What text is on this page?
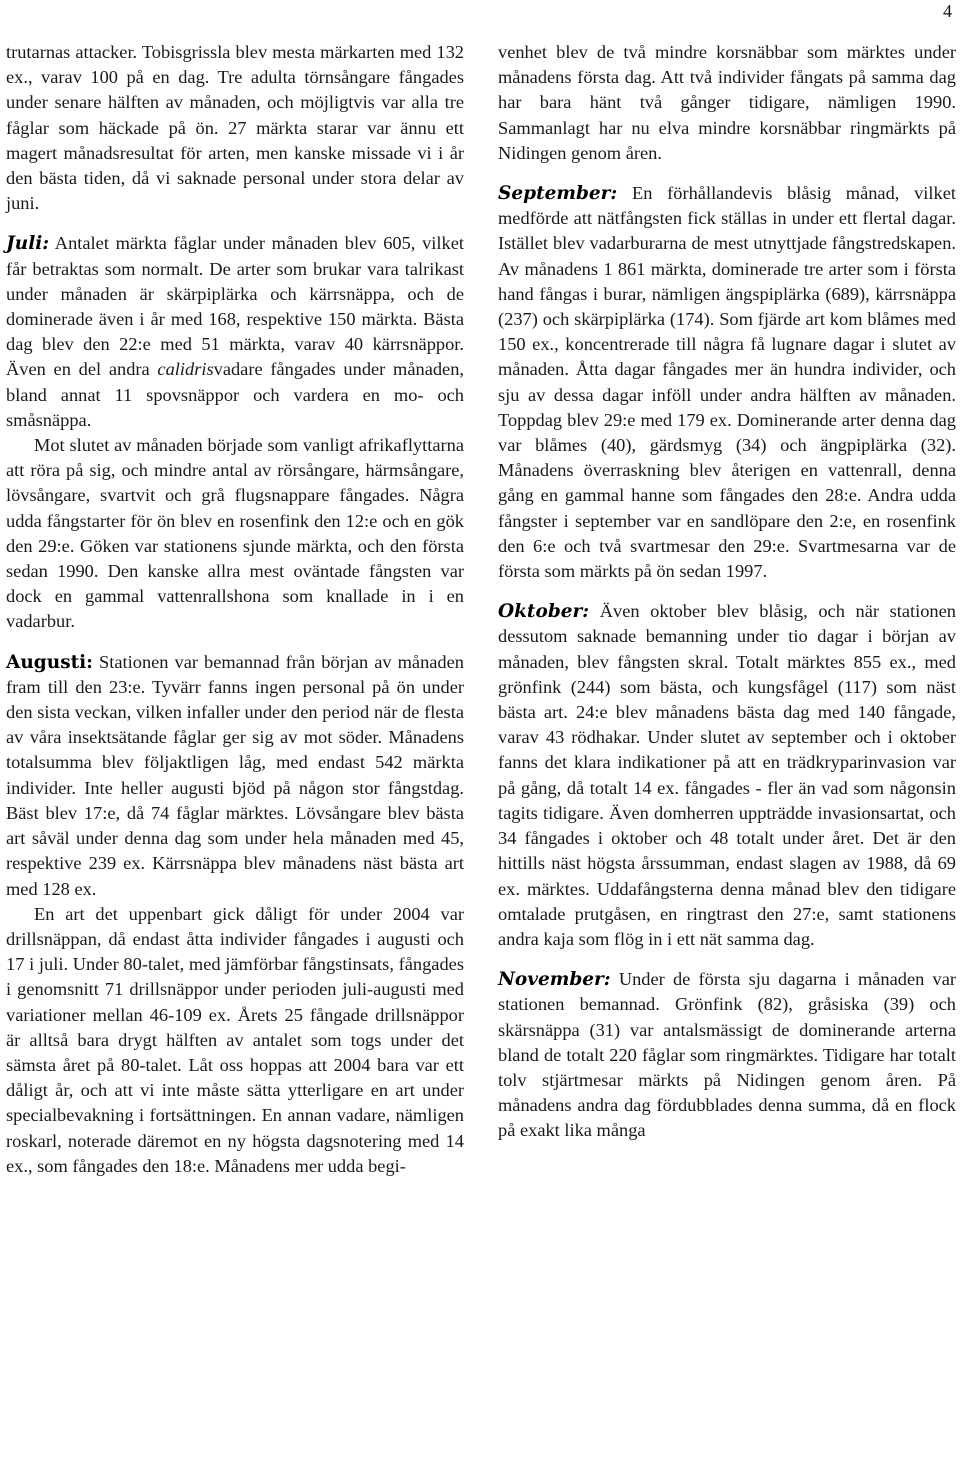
4

trutarnas attacker. Tobisgrissla blev mesta märkarten med 132 ex., varav 100 på en dag. Tre adulta törnsångare fångades under senare hälften av månaden, och möjligtvis var alla tre fåglar som häckade på ön. 27 märkta starar var ännu ett magert månadsresultat för arten, men kanske missade vi i år den bästa tiden, då vi saknade personal under stora delar av juni.

Juli: Antalet märkta fåglar under månaden blev 605, vilket får betraktas som normalt. De arter som brukar vara talrikast under månaden är skärpiplärka och kärrsnäppa, och de dominerade även i år med 168, respektive 150 märkta. Bästa dag blev den 22:e med 51 märkta, varav 40 kärrsnäppor. Även en del andra calidrisvadare fångades under månaden, bland annat 11 spovsnäppor och vardera en mo- och småsnäppa.

Mot slutet av månaden började som vanligt afrikaflyttarna att röra på sig, och mindre antal av rörsångare, härmsångare, lövsångare, svartvit och grå flugsnappare fångades. Några udda fångstarter för ön blev en rosenfink den 12:e och en gök den 29:e. Göken var stationens sjunde märkta, och den första sedan 1990. Den kanske allra mest oväntade fångsten var dock en gammal vattenrallshona som knallade in i en vadarbur.

Augusti: Stationen var bemannad från början av månaden fram till den 23:e. Tyvärr fanns ingen personal på ön under den sista veckan, vilken infaller under den period när de flesta av våra insektsätande fåglar ger sig av mot söder. Månadens totalsumma blev följaktligen låg, med endast 542 märkta individer. Inte heller augusti bjöd på någon stor fångstdag. Bäst blev 17:e, då 74 fåglar märktes. Lövsångare blev bästa art såväl under denna dag som under hela månaden med 45, respektive 239 ex. Kärrsnäppa blev månadens näst bästa art med 128 ex.

En art det uppenbart gick dåligt för under 2004 var drillsnäppan, då endast åtta individer fångades i augusti och 17 i juli. Under 80-talet, med jämförbar fångstinsats, fångades i genomsnitt 71 drillsnäppor under perioden juli-augusti med variationer mellan 46-109 ex. Årets 25 fångade drillsnäppor är alltså bara drygt hälften av antalet som togs under det sämsta året på 80-talet. Låt oss hoppas att 2004 bara var ett dåligt år, och att vi inte måste sätta ytterligare en art under specialbevakning i fortsättningen. En annan vadare, nämligen roskarl, noterade däremot en ny högsta dagsnotering med 14 ex., som fångades den 18:e. Månadens mer udda begi-

venhet blev de två mindre korsnäbbar som märktes under månadens första dag. Att två individer fångats på samma dag har bara hänt två gånger tidigare, nämligen 1990. Sammanlagt har nu elva mindre korsnäbbar ringmärkts på Nidingen genom åren.

September: En förhållandevis blåsig månad, vilket medförde att nätfångsten fick ställas in under ett flertal dagar. Istället blev vadarburarna de mest utnyttjade fångstredskapen. Av månadens 1 861 märkta, dominerade tre arter som i första hand fångas i burar, nämligen ängspiplärka (689), kärrsnäppa (237) och skärpiplärka (174). Som fjärde art kom blåmes med 150 ex., koncentrerade till några få lugnare dagar i slutet av månaden. Åtta dagar fångades mer än hundra individer, och sju av dessa dagar inföll under andra hälften av månaden. Toppdag blev 29:e med 179 ex. Dominerande arter denna dag var blåmes (40), gärdsmyg (34) och ängpiplärka (32). Månadens överraskning blev återigen en vattenrall, denna gång en gammal hanne som fångades den 28:e. Andra udda fångster i september var en sandlöpare den 2:e, en rosenfink den 6:e och två svartmesar den 29:e. Svartmesarna var de första som märkts på ön sedan 1997.

Oktober: Även oktober blev blåsig, och när stationen dessutom saknade bemanning under tio dagar i början av månaden, blev fångsten skral. Totalt märktes 855 ex., med grönfink (244) som bästa, och kungsfågel (117) som näst bästa art. 24:e blev månadens bästa dag med 140 fångade, varav 43 rödhakar. Under slutet av september och i oktober fanns det klara indikationer på att en trädkryparinvasion var på gång, då totalt 14 ex. fångades - fler än vad som någonsin tagits tidigare. Även domherren uppträdde invasionsartat, och 34 fångades i oktober och 48 totalt under året. Det är den hittills näst högsta årssumman, endast slagen av 1988, då 69 ex. märktes. Uddafångsterna denna månad blev den tidigare omtalade prutgåsen, en ringtrast den 27:e, samt stationens andra kaja som flög in i ett nät samma dag.

November: Under de första sju dagarna i månaden var stationen bemannad. Grönfink (82), gråsiska (39) och skärsnäppa (31) var antalsmässigt de dominerande arterna bland de totalt 220 fåglar som ringmärktes. Tidigare har totalt tolv stjärtmesar märkts på Nidingen genom åren. På månadens andra dag fördubblades denna summa, då en flock på exakt lika många
